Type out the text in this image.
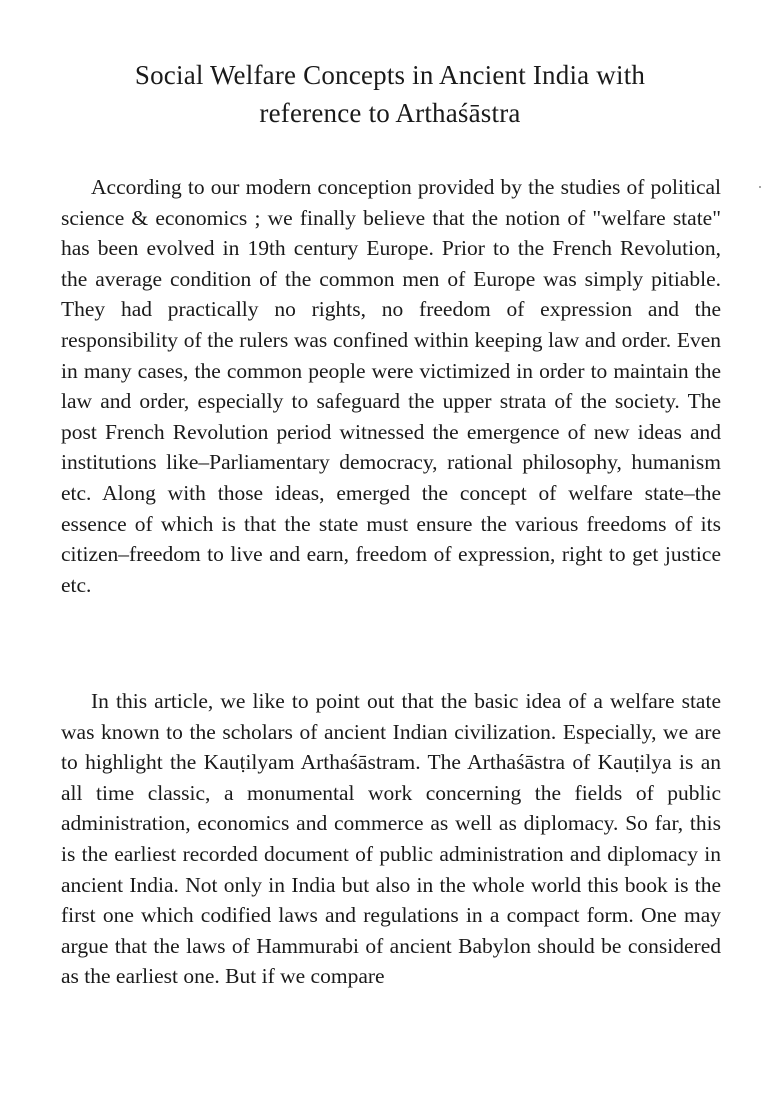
Social Welfare Concepts in Ancient India with
reference to Arthaśāstra

According to our modern conception provided by the studies of political science & economics ; we finally believe that the notion of "welfare state" has been evolved in 19th century Europe. Prior to the French Revolution, the average condition of the common men of Europe was simply pitiable. They had practically no rights, no freedom of expression and the responsibility of the rulers was confined within keeping law and order. Even in many cases, the common people were victimized in order to maintain the law and order, especially to safeguard the upper strata of the society. The post French Revolution period witnessed the emergence of new ideas and institutions like–Parliamentary democracy, rational philosophy, humanism etc. Along with those ideas, emerged the concept of welfare state–the essence of which is that the state must ensure the various freedoms of its citizen–freedom to live and earn, freedom of expression, right to get justice etc.

In this article, we like to point out that the basic idea of a welfare state was known to the scholars of ancient Indian civilization. Especially, we are to highlight the Kauṭilyam Arthaśāstram. The Arthaśāstra of Kauṭilya is an all time classic, a monumental work concerning the fields of public administration, economics and commerce as well as diplomacy. So far, this is the earliest recorded document of public administration and diplomacy in ancient India. Not only in India but also in the whole world this book is the first one which codified laws and regulations in a compact form. One may argue that the laws of Hammurabi of ancient Babylon should be considered as the earliest one. But if we compare
